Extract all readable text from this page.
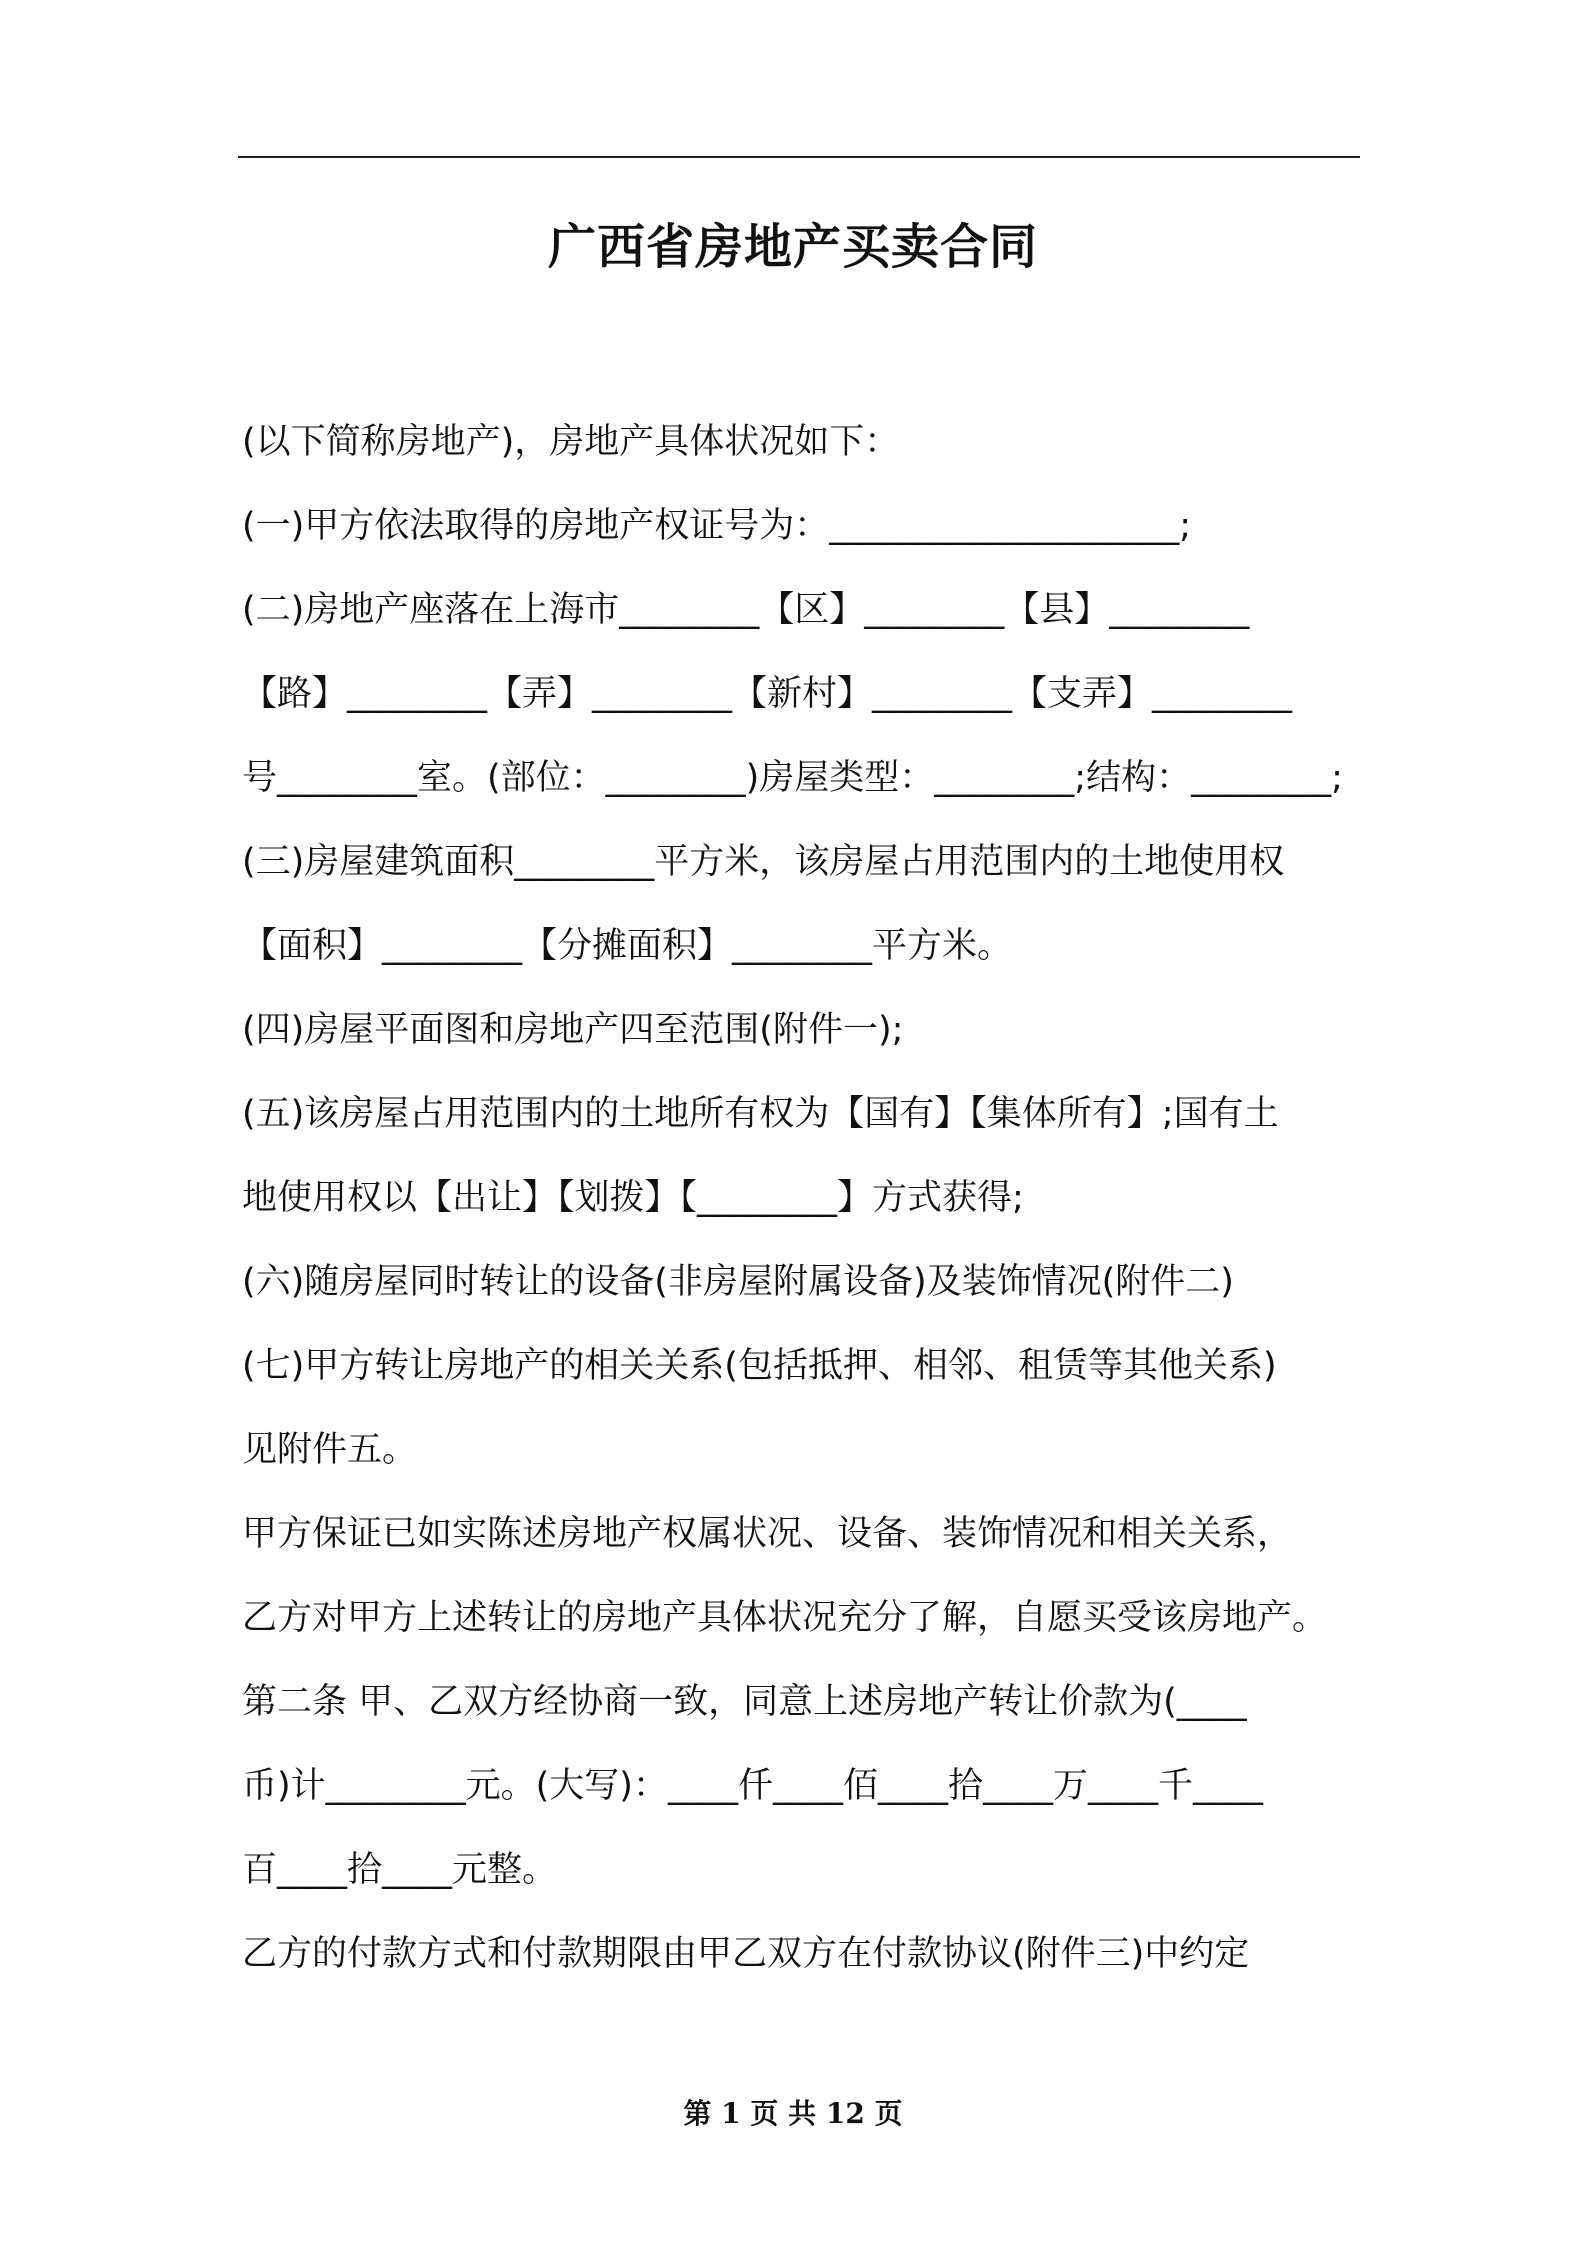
广西省房地产买卖合同
(以下简称房地产)，房地产具体状况如下：
(一)甲方依法取得的房地产权证号为：____________________;
(二)房地产座落在上海市________【区】________【县】________
【路】________【弄】________【新村】________【支弄】________
号________室。(部位：________)房屋类型：________;结构：________;
(三)房屋建筑面积________平方米，该房屋占用范围内的土地使用权
【面积】________【分摊面积】________平方米。
(四)房屋平面图和房地产四至范围(附件一);
(五)该房屋占用范围内的土地所有权为【国有】【集体所有】;国有土
地使用权以【出让】【划拨】【________】方式获得;
(六)随房屋同时转让的设备(非房屋附属设备)及装饰情况(附件二)
(七)甲方转让房地产的相关关系(包括抵押、相邻、租赁等其他关系)
见附件五。
甲方保证已如实陈述房地产权属状况、设备、装饰情况和相关关系，
乙方对甲方上述转让的房地产具体状况充分了解，自愿买受该房地产。
第二条 甲、乙双方经协商一致，同意上述房地产转让价款为(____
币)计________元。(大写)：____仟____佰____拾____万____千____
百____拾____元整。
乙方的付款方式和付款期限由甲乙双方在付款协议(附件三)中约定
第 1 页 共 12 页
